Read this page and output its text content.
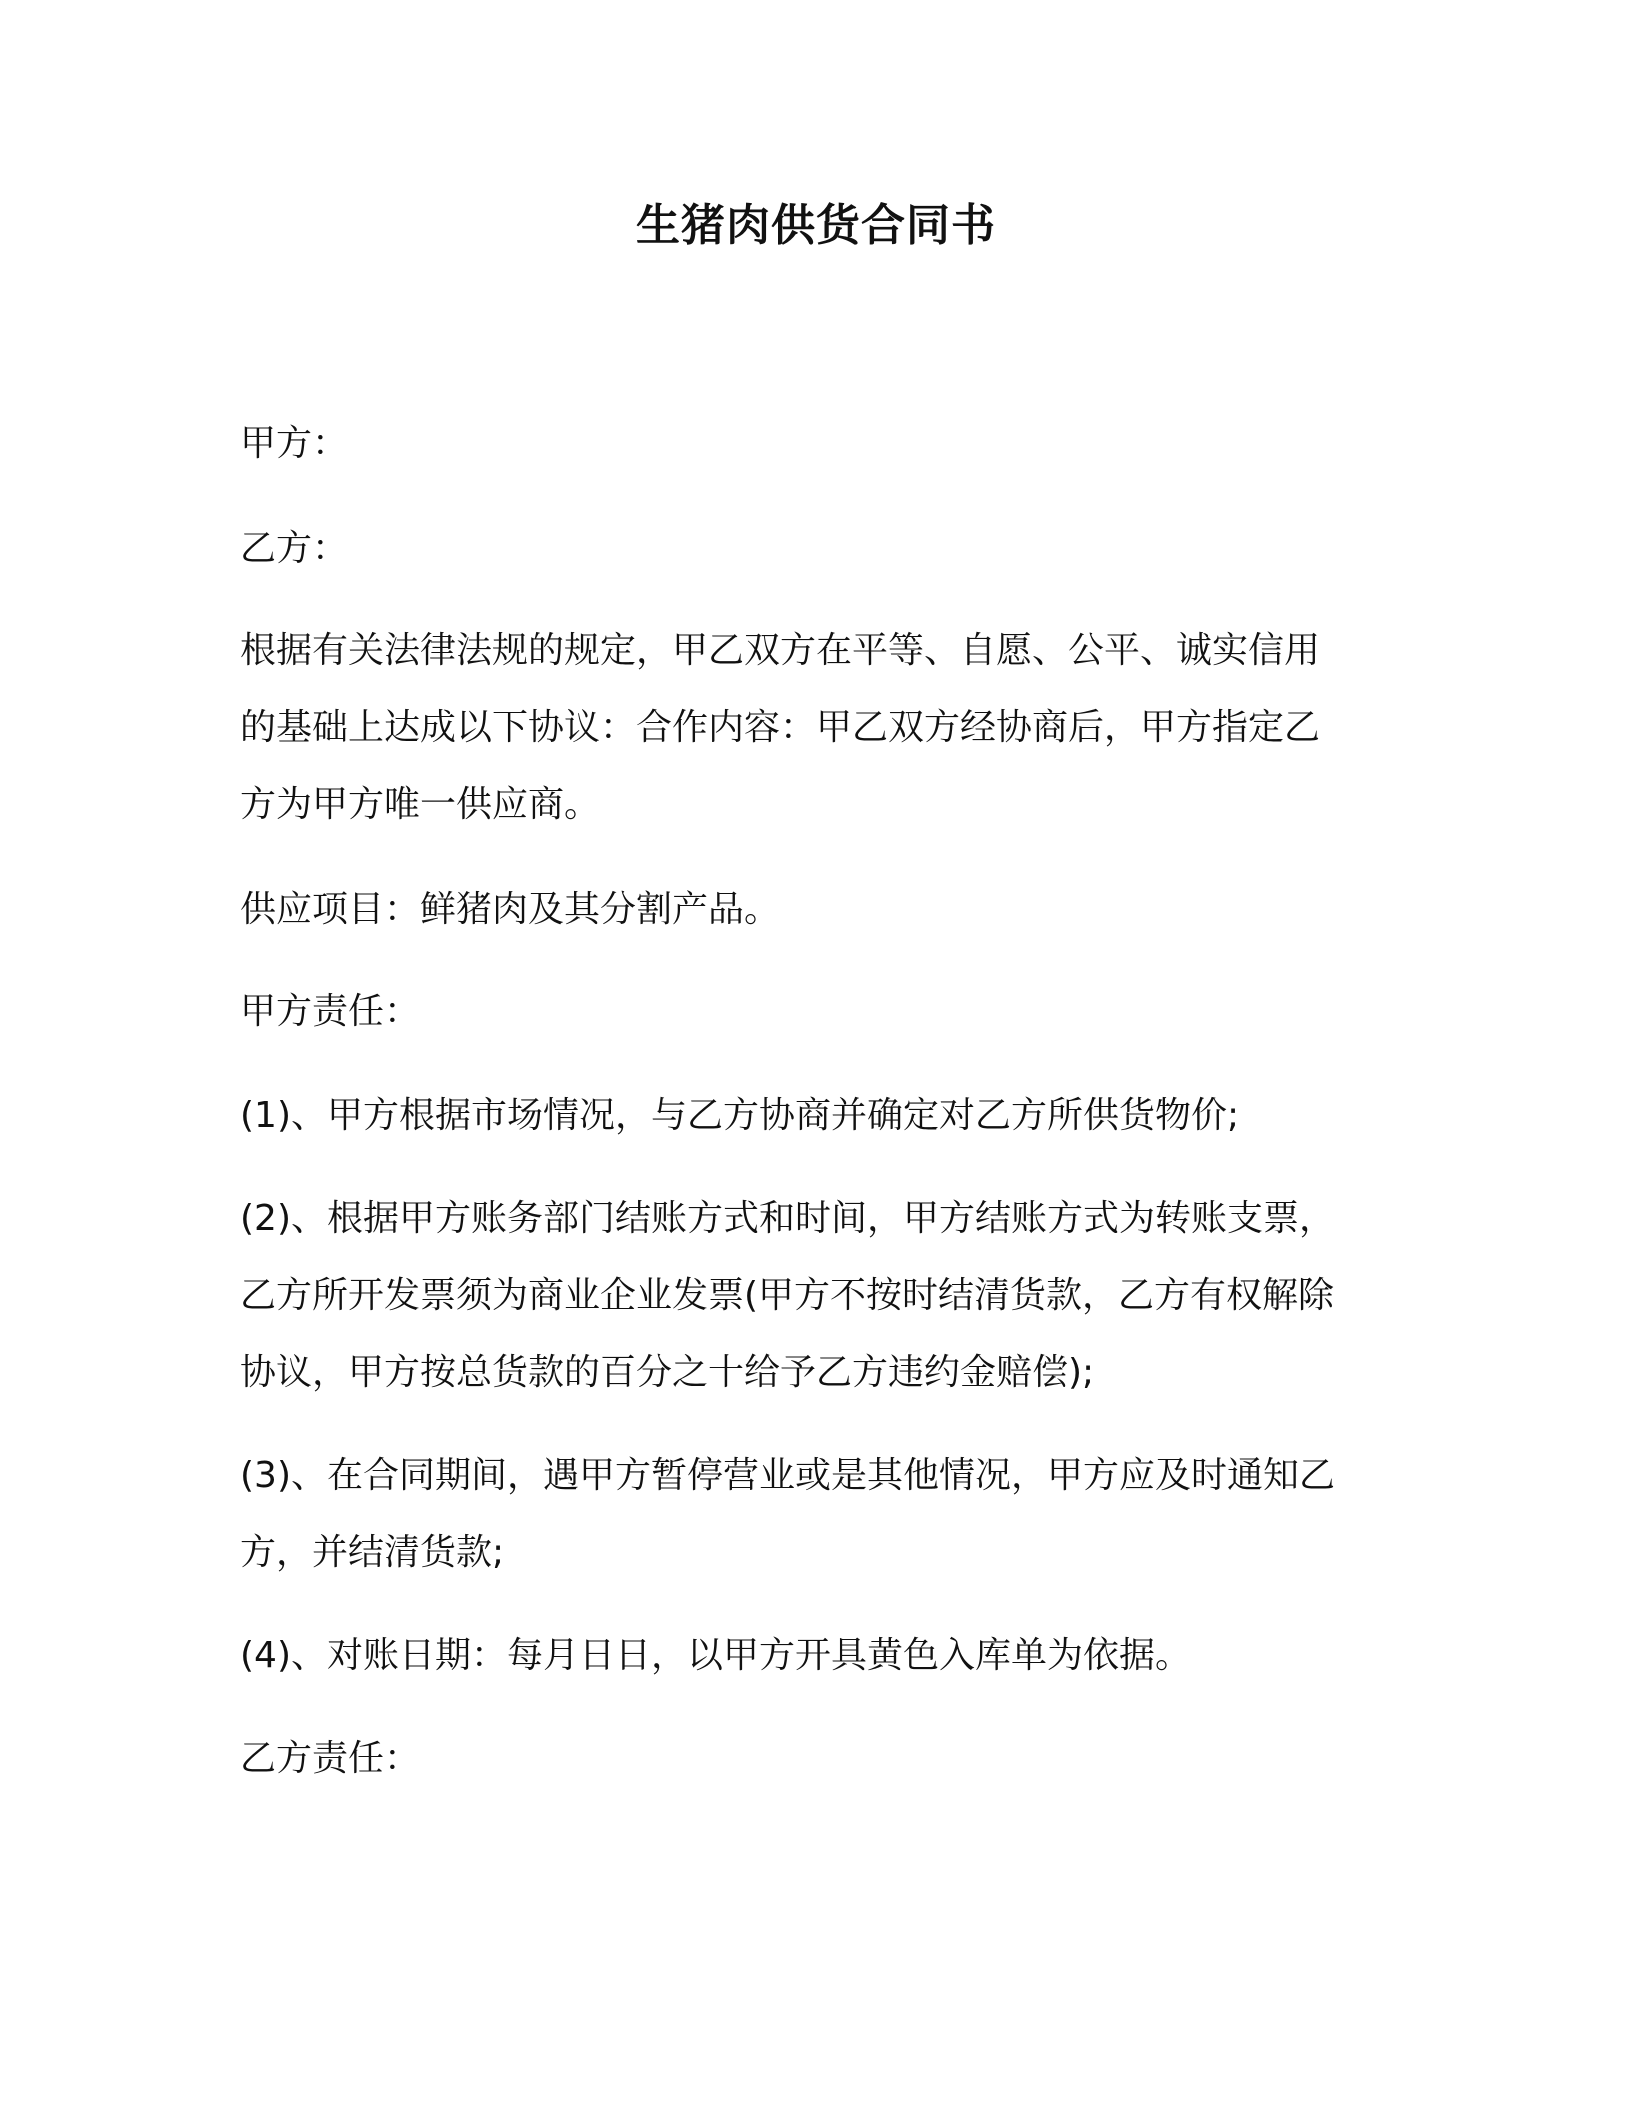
生猪肉供货合同书

甲方：

乙方：

根据有关法律法规的规定，甲乙双方在平等、自愿、公平、诚实信用
的基础上达成以下协议：合作内容：甲乙双方经协商后，甲方指定乙
方为甲方唯一供应商。

供应项目：鲜猪肉及其分割产品。

甲方责任：

(1)、甲方根据市场情况，与乙方协商并确定对乙方所供货物价;

(2)、根据甲方账务部门结账方式和时间，甲方结账方式为转账支票，
乙方所开发票须为商业企业发票(甲方不按时结清货款，乙方有权解除
协议，甲方按总货款的百分之十给予乙方违约金赔偿);
(3)、在合同期间，遇甲方暂停营业或是其他情况，甲方应及时通知乙
方，并结清货款;

(4)、对账日期：每月日日，以甲方开具黄色入库单为依据。

乙方责任：
